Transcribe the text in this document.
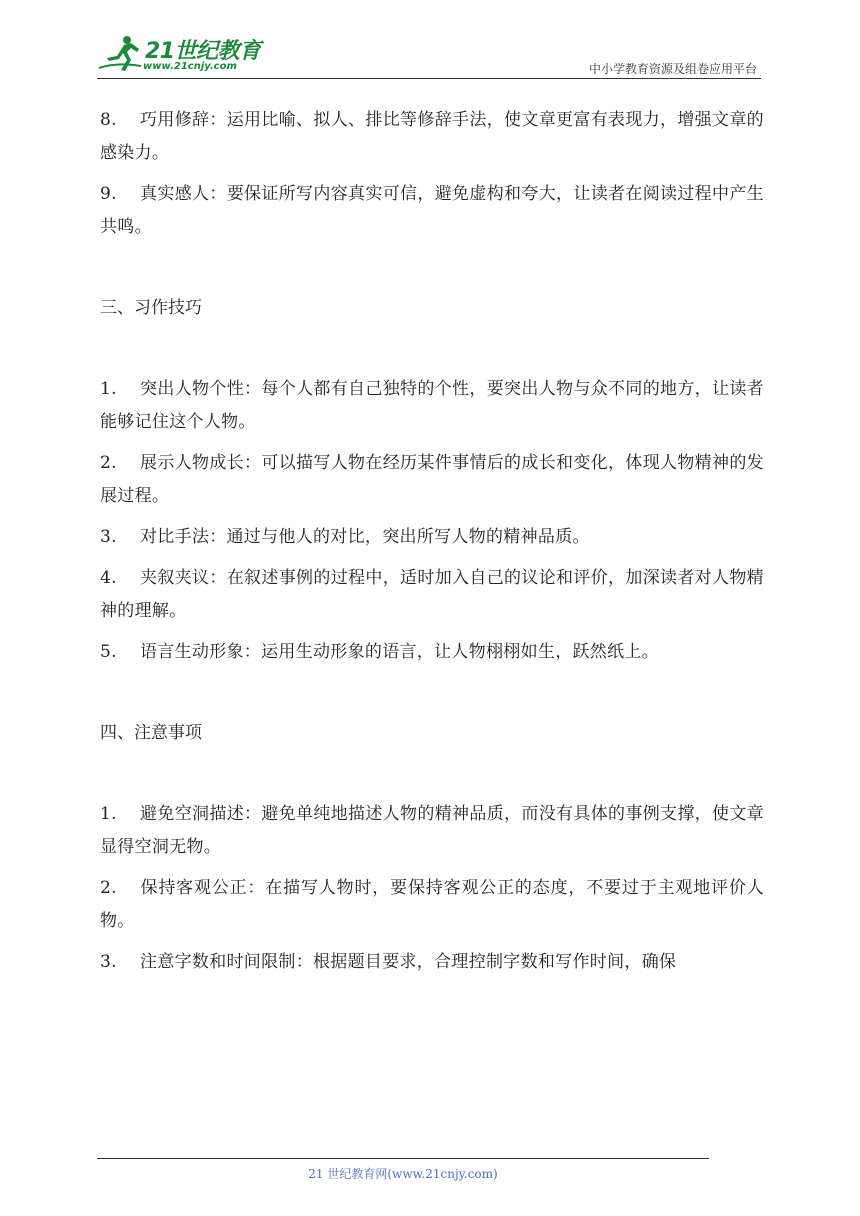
21世纪教育
www.21cnjy.com	中小学教育资源及组卷应用平台

8. 巧用修辞：运用比喻、拟人、排比等修辞手法，使文章更富有表现力，增强文章的感染力。

9. 真实感人：要保证所写内容真实可信，避免虚构和夸大，让读者在阅读过程中产生共鸣。

三、习作技巧

1. 突出人物个性：每个人都有自己独特的个性，要突出人物与众不同的地方，让读者能够记住这个人物。

2. 展示人物成长：可以描写人物在经历某件事情后的成长和变化，体现人物精神的发展过程。

3. 对比手法：通过与他人的对比，突出所写人物的精神品质。

4. 夹叙夹议：在叙述事例的过程中，适时加入自己的议论和评价，加深读者对人物精神的理解。

5. 语言生动形象：运用生动形象的语言，让人物栩栩如生，跃然纸上。

四、注意事项

1. 避免空洞描述：避免单纯地描述人物的精神品质，而没有具体的事例支撑，使文章显得空洞无物。

2. 保持客观公正：在描写人物时，要保持客观公正的态度，不要过于主观地评价人物。

3. 注意字数和时间限制：根据题目要求，合理控制字数和写作时间，确保

21 世纪教育网(www.21cnjy.com)
